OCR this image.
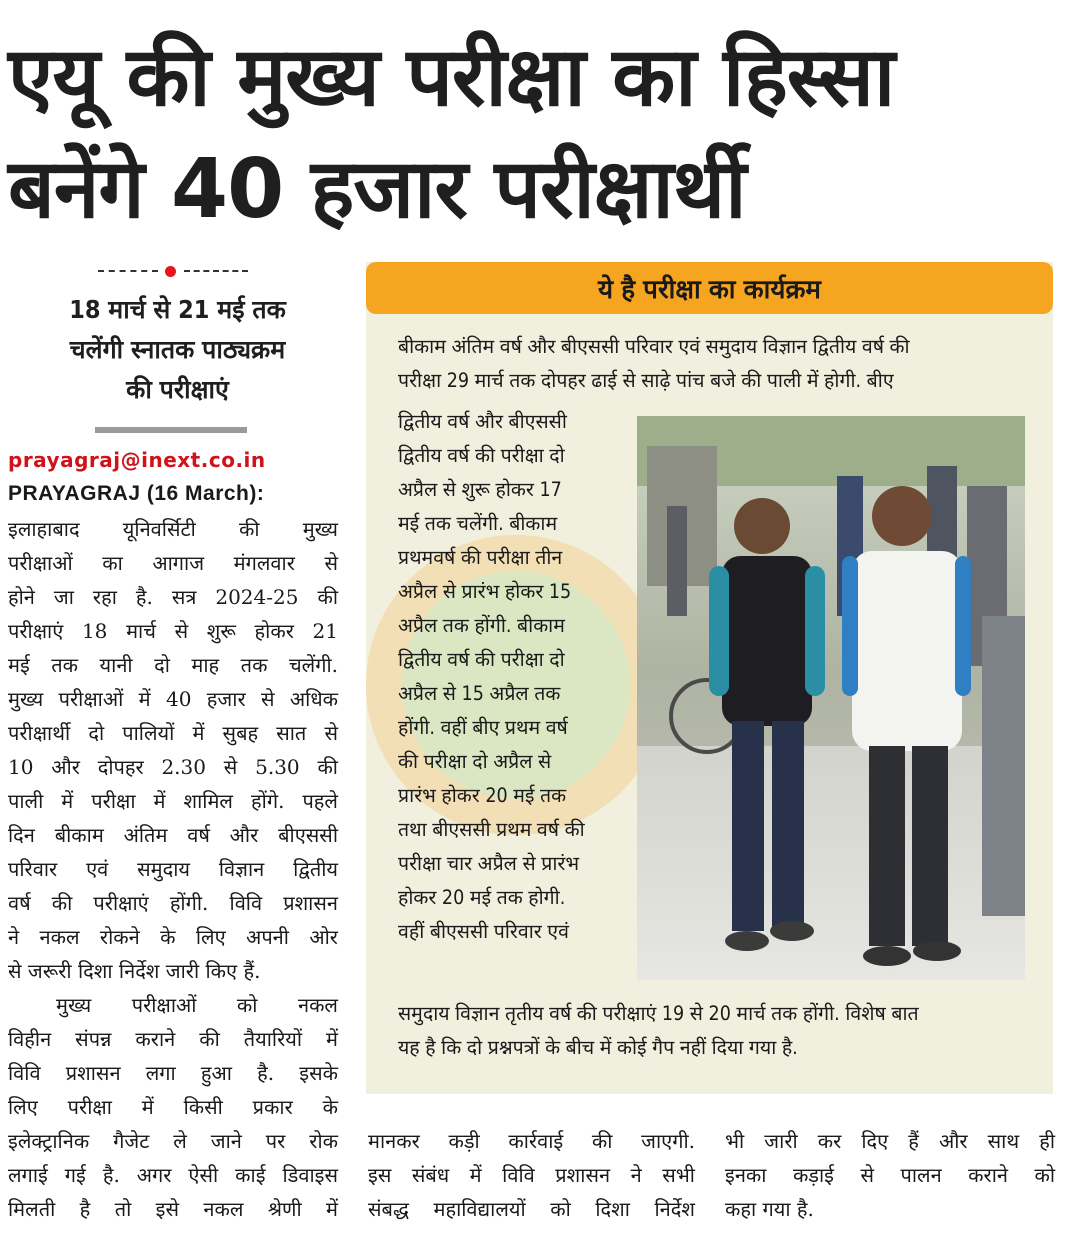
एयू की मुख्य परीक्षा का हिस्सा
बनेंगे 40 हजार परीक्षार्थी
18 मार्च से 21 मई तक
चलेंगी स्नातक पाठ्यक्रम
की परीक्षाएं
prayagraj@inext.co.in
PRAYAGRAJ (16 March):
इलाहाबाद यूनिवर्सिटी की मुख्य
परीक्षाओं का आगाज मंगलवार से
होने जा रहा है. सत्र 2024-25 की
परीक्षाएं 18 मार्च से शुरू होकर 21
मई तक यानी दो माह तक चलेंगी.
मुख्य परीक्षाओं में 40 हजार से अधिक
परीक्षार्थी दो पालियों में सुबह सात से
10 और दोपहर 2.30 से 5.30 की
पाली में परीक्षा में शामिल होंगे. पहले
दिन बीकाम अंतिम वर्ष और बीएससी
परिवार एवं समुदाय विज्ञान द्वितीय
वर्ष की परीक्षाएं होंगी. विवि प्रशासन
ने नकल रोकने के लिए अपनी ओर
से जरूरी दिशा निर्देश जारी किए हैं.
मुख्य परीक्षाओं को नकल
विहीन संपन्न कराने की तैयारियों में
विवि प्रशासन लगा हुआ है. इसके
लिए परीक्षा में किसी प्रकार के
इलेक्ट्रानिक गैजेट ले जाने पर रोक
लगाई गई है. अगर ऐसी काई डिवाइस
मिलती है तो इसे नकल श्रेणी में
ये है परीक्षा का कार्यक्रम
बीकाम अंतिम वर्ष और बीएससी परिवार एवं समुदाय विज्ञान द्वितीय वर्ष की
परीक्षा 29 मार्च तक दोपहर ढाई से साढ़े पांच बजे की पाली में होगी. बीए
द्वितीय वर्ष और बीएससी
द्वितीय वर्ष की परीक्षा दो
अप्रैल से शुरू होकर 17
मई तक चलेंगी. बीकाम
प्रथमवर्ष की परीक्षा तीन
अप्रैल से प्रारंभ होकर 15
अप्रैल तक होंगी. बीकाम
द्वितीय वर्ष की परीक्षा दो
अप्रैल से 15 अप्रैल तक
होंगी. वहीं बीए प्रथम वर्ष
की परीक्षा दो अप्रैल से
प्रारंभ होकर 20 मई तक
तथा बीएससी प्रथम वर्ष की
परीक्षा चार अप्रैल से प्रारंभ
होकर 20 मई तक होगी.
वहीं बीएससी परिवार एवं
समुदाय विज्ञान तृतीय वर्ष की परीक्षाएं 19 से 20 मार्च तक होंगी. विशेष बात
यह है कि दो प्रश्नपत्रों के बीच में कोई गैप नहीं दिया गया है.
मानकर कड़ी कार्रवाई की जाएगी.
इस संबंध में विवि प्रशासन ने सभी
संबद्ध महाविद्यालयों को दिशा निर्देश
भी जारी कर दिए हैं और साथ ही
इनका कड़ाई से पालन कराने को
कहा गया है.
